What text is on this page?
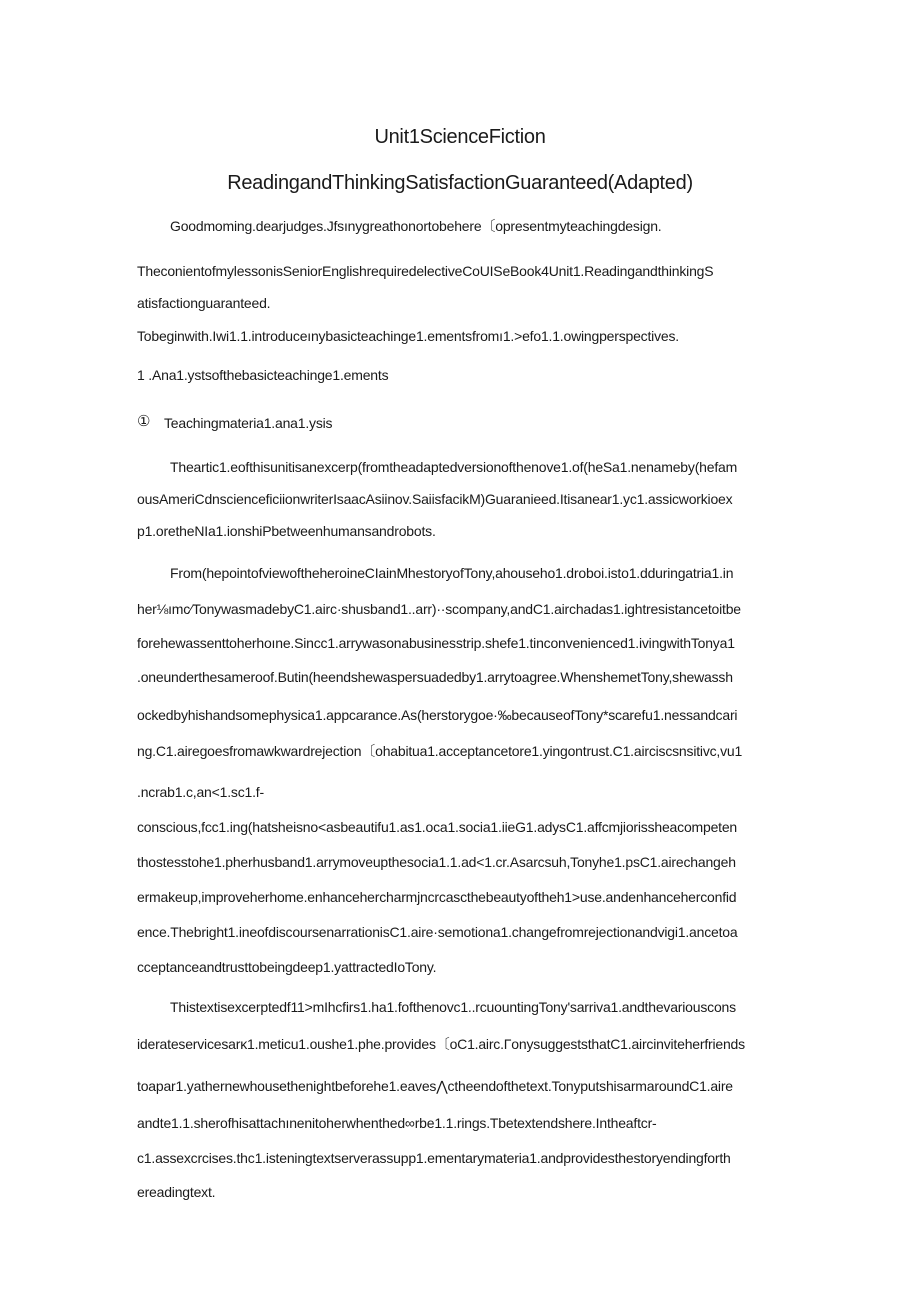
Unit1ScienceFiction
ReadingandThinkingSatisfactionGuaranteed(Adapted)
Goodmoming.dearjudges.Jfsınygreathonortobehere〔opresentmyteachingdesign.
TheconientofmylessonisSeniorEnglishrequiredelectiveCoUISeBook4Unit1.ReadingandthinkingS
atisfactionguaranteed.
Tobeginwith.Iwi1.1.introduceınybasicteachinge1.ementsfromı1.>efo1.1.owingperspectives.
1 .Ana1.ystsofthebasicteachinge1.ements
① Teachingmateria1.ana1.ysis
Theartic1.eofthisunitisanexcerp(fromtheadaptedversionofthenove1.of(heSa1.nenameby(hefam
ousAmeriCdnscienceficiionwriterIsaacAsiinov.SaiisfacikM)Guaranieed.Itisanear1.yc1.assicworkioex
p1.oretheNIa1.ionshiPbetweenhumansandrobots.
From(hepointofviewoftheheroineCIainMhestoryofTony,ahouseho1.droboi.isto1.dduringatria1.in
her⅛ımc∕TonywasmadebyC1.airc·shusband1..arr)··scompany,andC1.airchadas1.ightresistancetoitbe
forehewassenttoherhoıne.Sincc1.arrywasonabusinesstrip.shefe1.tinconvenienced1.ivingwithTonya1
.oneunderthesameroof.Butin(heendshewaspersuadedby1.arrytoagree.WhenshemetTony,shewassh
ockedbyhishandsomephysica1.appcarance.As(herstorygoe·‰becauseofTony*scarefu1.nessandcari
ng.C1.airegoesfromawkwardrejection〔ohabitua1.acceptancetore1.yingontrust.C1.airciscsnsitivc,vu1
.ncrab1.c,an<1.sc1.f-
conscious,fcc1.ing(hatsheisno<asbeautifu1.as1.oca1.socia1.iieG1.adysC1.affcmjiorissheacompeten
thostesstohe1.pherhusband1.arrymoveupthesocia1.1.ad<1.cr.Asarcsuh,Tonyhe1.psC1.airechangeh
ermakeup,improveherhome.enhancehercharmjncrcascthebeautyoftheh1>use.andenhanceherconfid
ence.Thebright1.ineofdiscoursenarrationisC1.aire·semotiona1.changefromrejectionandvigi1.ancetoa
cceptanceandtrusttobeingdeep1.yattractedIoTony.
Thistextisexcerptedf11>mIhcfirs1.ha1.fofthenovc1..rcuountingTony'sarriva1.andthevariouscons
iderateservicesarκ1.meticu1.oushe1.phe.provides〔oC1.airc.ΓonysuggeststhatC1.aircinviteherfriends
toapar1.yathernewhousethenightbeforehe1.eaves⋀ctheendofthetext.TonyputshisarmaroundC1.aire
andte1.1.sherofhisattachınenitoherwhenthed∞rbe1.1.rings.Tbetextendshere.Intheaftcr-
c1.assexcrcises.thc1.isteningtextserverassupp1.ementarymateria1.andprovidesthestoryendingforth
ereadingtext.
